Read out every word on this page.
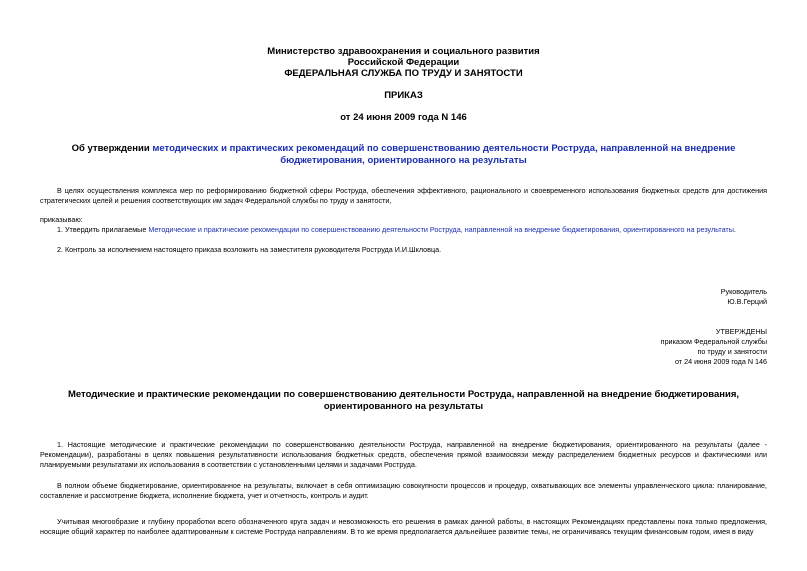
Министерство здравоохранения и социального развития
Российской Федерации
ФЕДЕРАЛЬНАЯ СЛУЖБА ПО ТРУДУ И ЗАНЯТОСТИ
ПРИКАЗ
от 24 июня 2009 года N 146
Об утверждении методических и практических рекомендаций по совершенствованию деятельности Роструда, направленной на внедрение бюджетирования, ориентированного на результаты
В целях осуществления комплекса мер по реформированию бюджетной сферы Роструда, обеспечения эффективного, рационального и своевременного использования бюджетных средств для достижения стратегических целей и решения соответствующих им задач Федеральной службы по труду и занятости,
приказываю:
1. Утвердить прилагаемые Методические и практические рекомендации по совершенствованию деятельности Роструда, направленной на внедрение бюджетирования, ориентированного на результаты.
2. Контроль за исполнением настоящего приказа возложить на заместителя руководителя Роструда И.И.Шкловца.
Руководитель
Ю.В.Герций
УТВЕРЖДЕНЫ
приказом Федеральной службы
по труду и занятости
от 24 июня 2009 года N 146
Методические и практические рекомендации по совершенствованию деятельности Роструда, направленной на внедрение бюджетирования, ориентированного на результаты
1. Настоящие методические и практические рекомендации по совершенствованию деятельности Роструда, направленной на внедрение бюджетирования, ориентированного на результаты (далее - Рекомендации), разработаны в целях повышения результативности использования бюджетных средств, обеспечения прямой взаимосвязи между распределением бюджетных ресурсов и фактическими или планируемыми результатами их использования в соответствии с установленными целями и задачами Роструда.
В полном объеме бюджетирование, ориентированное на результаты, включает в себя оптимизацию совокупности процессов и процедур, охватывающих все элементы управленческого цикла: планирование, составление и рассмотрение бюджета, исполнение бюджета, учет и отчетность, контроль и аудит.
Учитывая многообразие и глубину проработки всего обозначенного круга задач и невозможность его решения в рамках данной работы, в настоящих Рекомендациях представлены пока только предложения, носящие общий характер по наиболее адаптированным к системе Роструда направлениям. В то же время предполагается дальнейшее развитие темы, не ограничиваясь текущим финансовым годом, имея в виду
